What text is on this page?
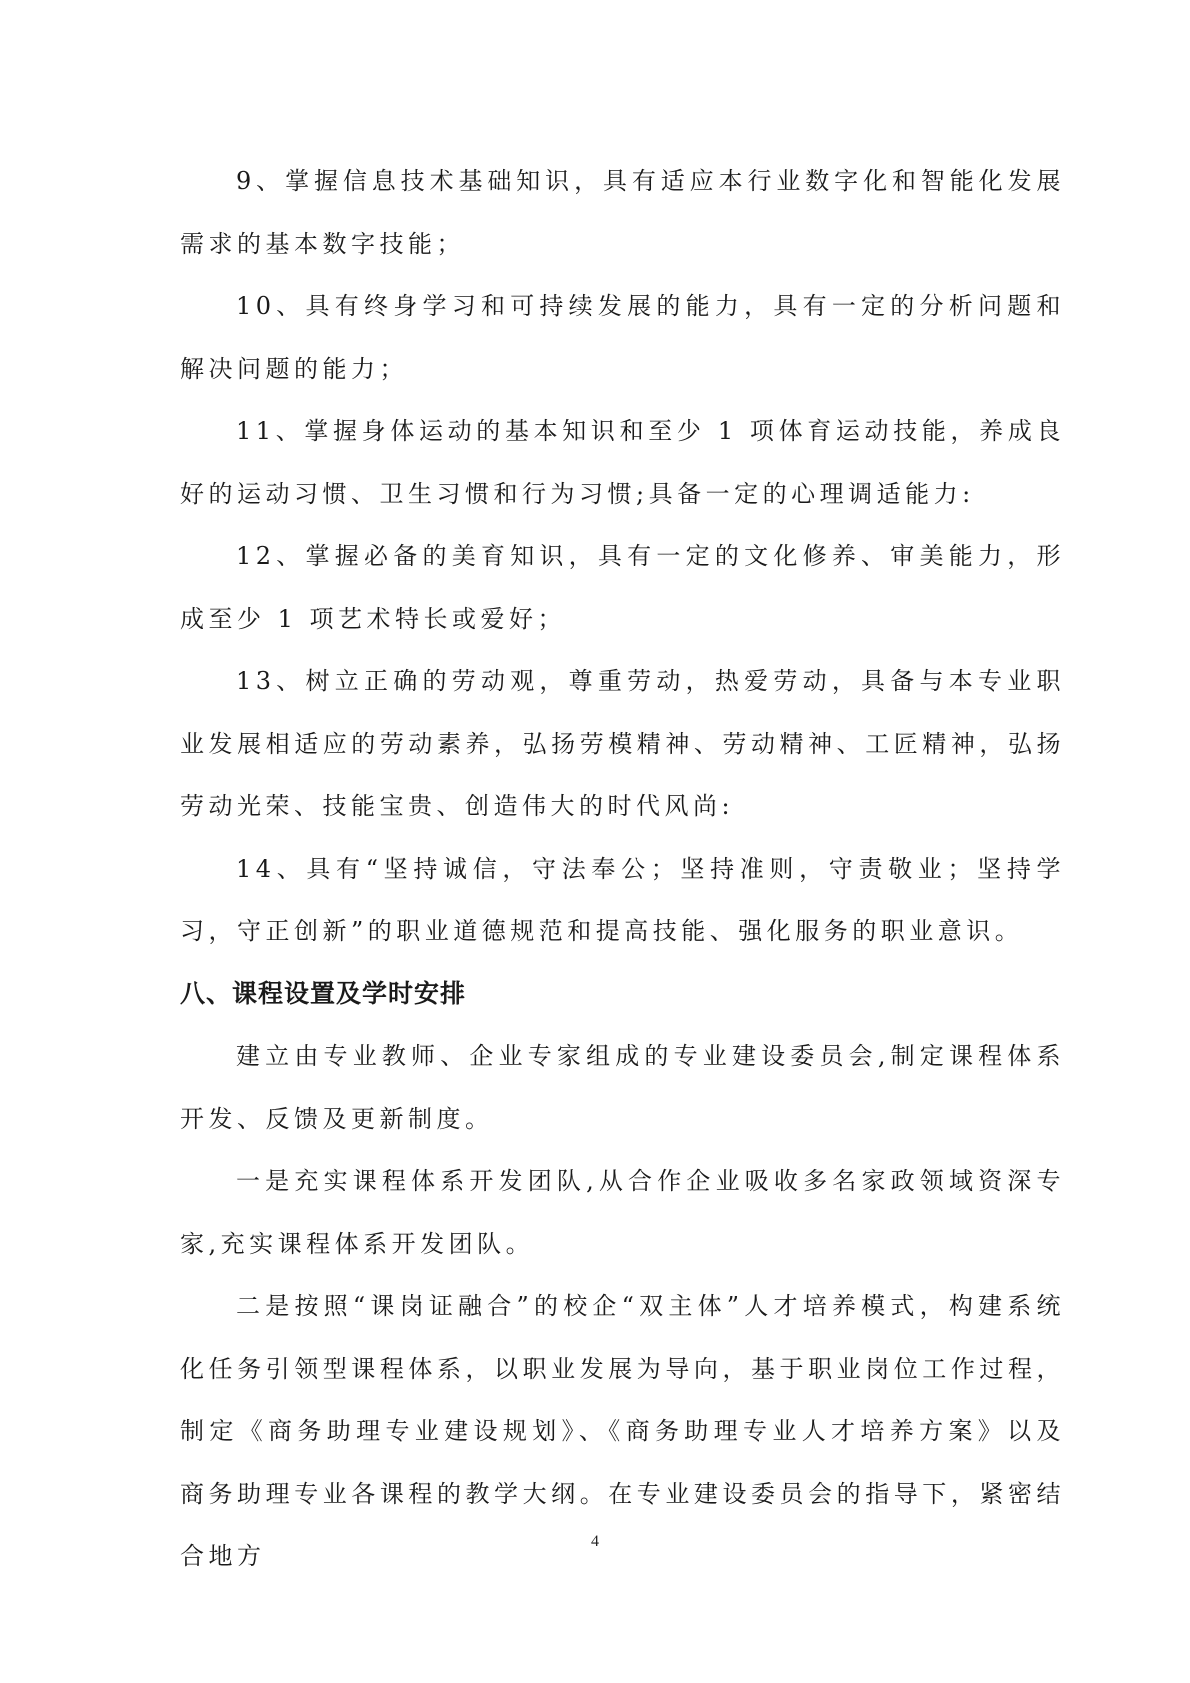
9、掌握信息技术基础知识，具有适应本行业数字化和智能化发展需求的基本数字技能；

10、具有终身学习和可持续发展的能力，具有一定的分析问题和解决问题的能力；

11、掌握身体运动的基本知识和至少 1 项体育运动技能，养成良好的运动习惯、卫生习惯和行为习惯;具备一定的心理调适能力:

12、掌握必备的美育知识，具有一定的文化修养、审美能力，形成至少 1 项艺术特长或爱好；

13、树立正确的劳动观，尊重劳动，热爱劳动，具备与本专业职业发展相适应的劳动素养，弘扬劳模精神、劳动精神、工匠精神，弘扬劳动光荣、技能宝贵、创造伟大的时代风尚:

14、具有“坚持诚信，守法奉公；坚持准则，守责敬业；坚持学习，守正创新”的职业道德规范和提高技能、强化服务的职业意识。

八、课程设置及学时安排

建立由专业教师、企业专家组成的专业建设委员会,制定课程体系开发、反馈及更新制度。

一是充实课程体系开发团队,从合作企业吸收多名家政领域资深专家,充实课程体系开发团队。

二是按照“课岗证融合”的校企“双主体”人才培养模式，构建系统化任务引领型课程体系，以职业发展为导向，基于职业岗位工作过程，制定《商务助理专业建设规划》、《商务助理专业人才培养方案》以及商务助理专业各课程的教学大纲。在专业建设委员会的指导下，紧密结合地方

4
